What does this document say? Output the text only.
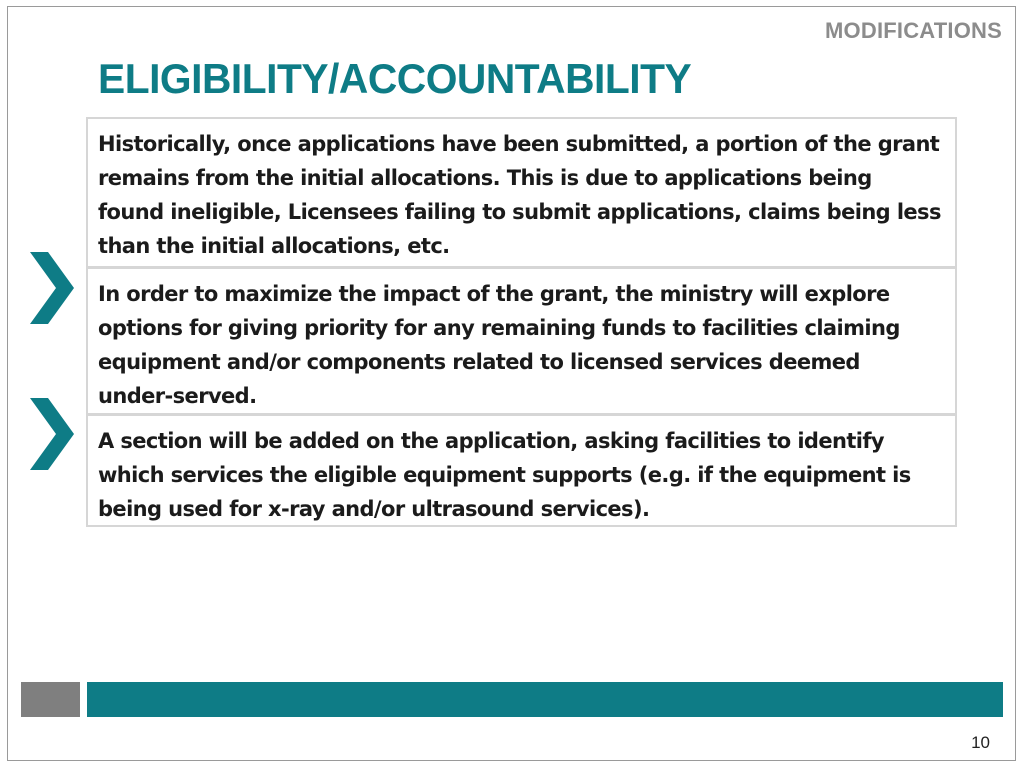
MODIFICATIONS
ELIGIBILITY/ACCOUNTABILITY
Historically, once applications have been submitted, a portion of the grant remains from the initial allocations. This is due to applications being found ineligible, Licensees failing to submit applications, claims being less than the initial allocations, etc.
In order to maximize the impact of the grant, the ministry will explore options for giving priority for any remaining funds to facilities claiming equipment and/or components related to licensed services deemed under-served.
A section will be added on the application, asking facilities to identify which services the eligible equipment supports (e.g. if the equipment is being used for x-ray and/or ultrasound services).
10
